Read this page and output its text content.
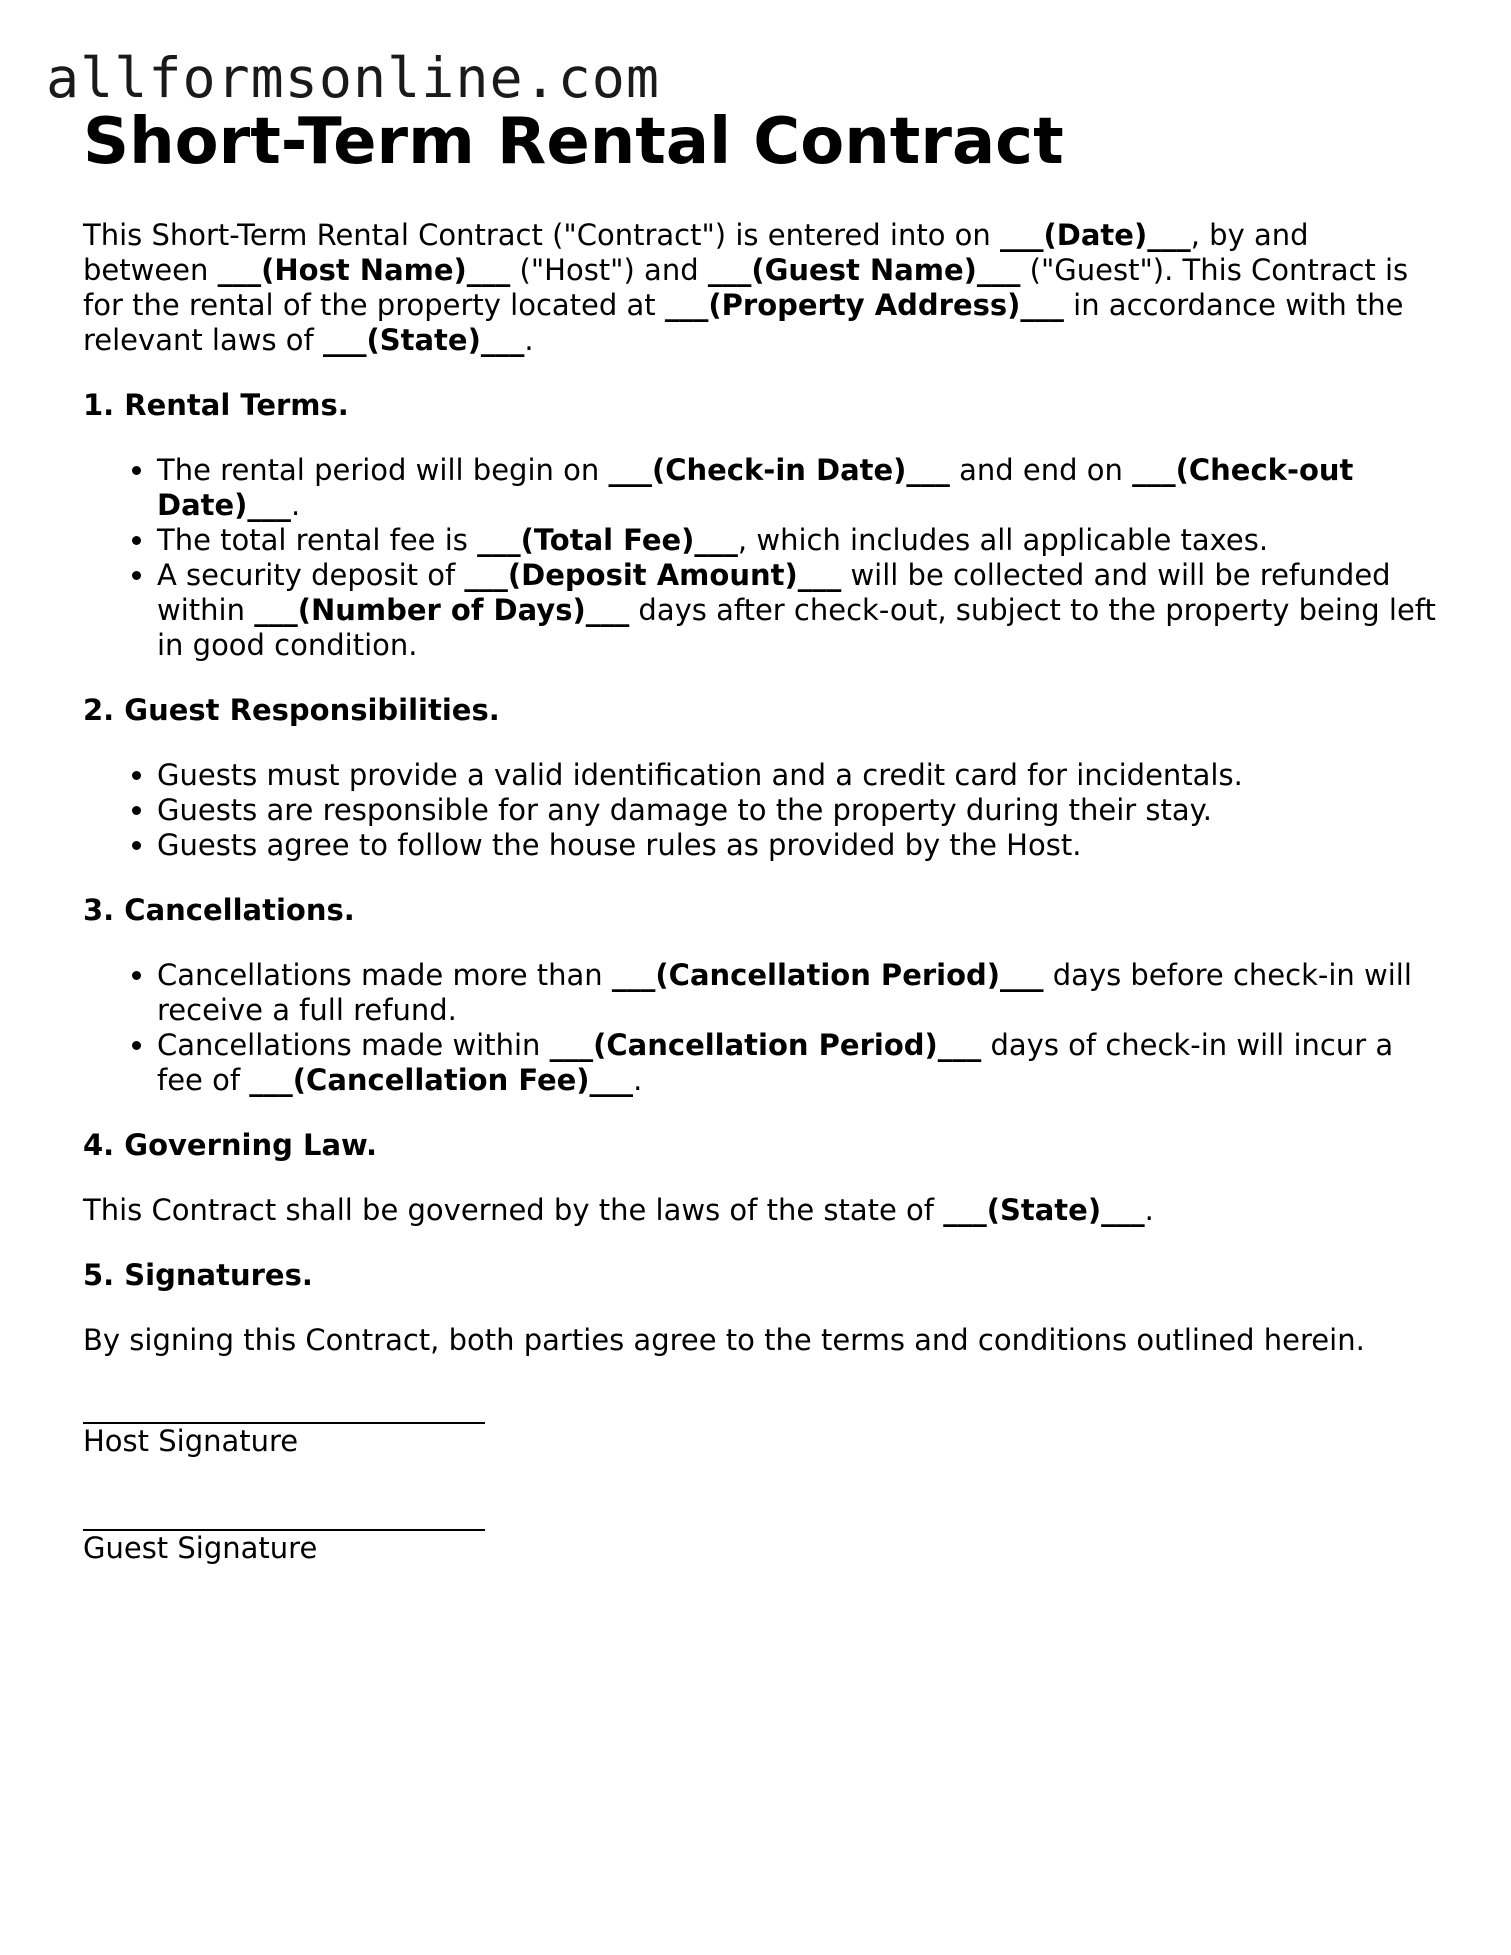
allformsonline.com
Short-Term Rental Contract

This Short-Term Rental Contract ("Contract") is entered into on ___(Date)___, by and between ___(Host Name)___ ("Host") and ___(Guest Name)___ ("Guest"). This Contract is for the rental of the property located at ___(Property Address)___ in accordance with the relevant laws of ___(State)___.

1. Rental Terms.
• The rental period will begin on ___(Check-in Date)___ and end on ___(Check-out Date)___.
• The total rental fee is ___(Total Fee)___, which includes all applicable taxes.
• A security deposit of ___(Deposit Amount)___ will be collected and will be refunded within ___(Number of Days)___ days after check-out, subject to the property being left in good condition.
2. Guest Responsibilities.
• Guests must provide a valid identification and a credit card for incidentals.
• Guests are responsible for any damage to the property during their stay.
• Guests agree to follow the house rules as provided by the Host.
3. Cancellations.
• Cancellations made more than ___(Cancellation Period)___ days before check-in will receive a full refund.
• Cancellations made within ___(Cancellation Period)___ days of check-in will incur a fee of ___(Cancellation Fee)___.
4. Governing Law.

This Contract shall be governed by the laws of the state of ___(State)___.

5. Signatures.

By signing this Contract, both parties agree to the terms and conditions outlined herein.

Host Signature

Guest Signature
